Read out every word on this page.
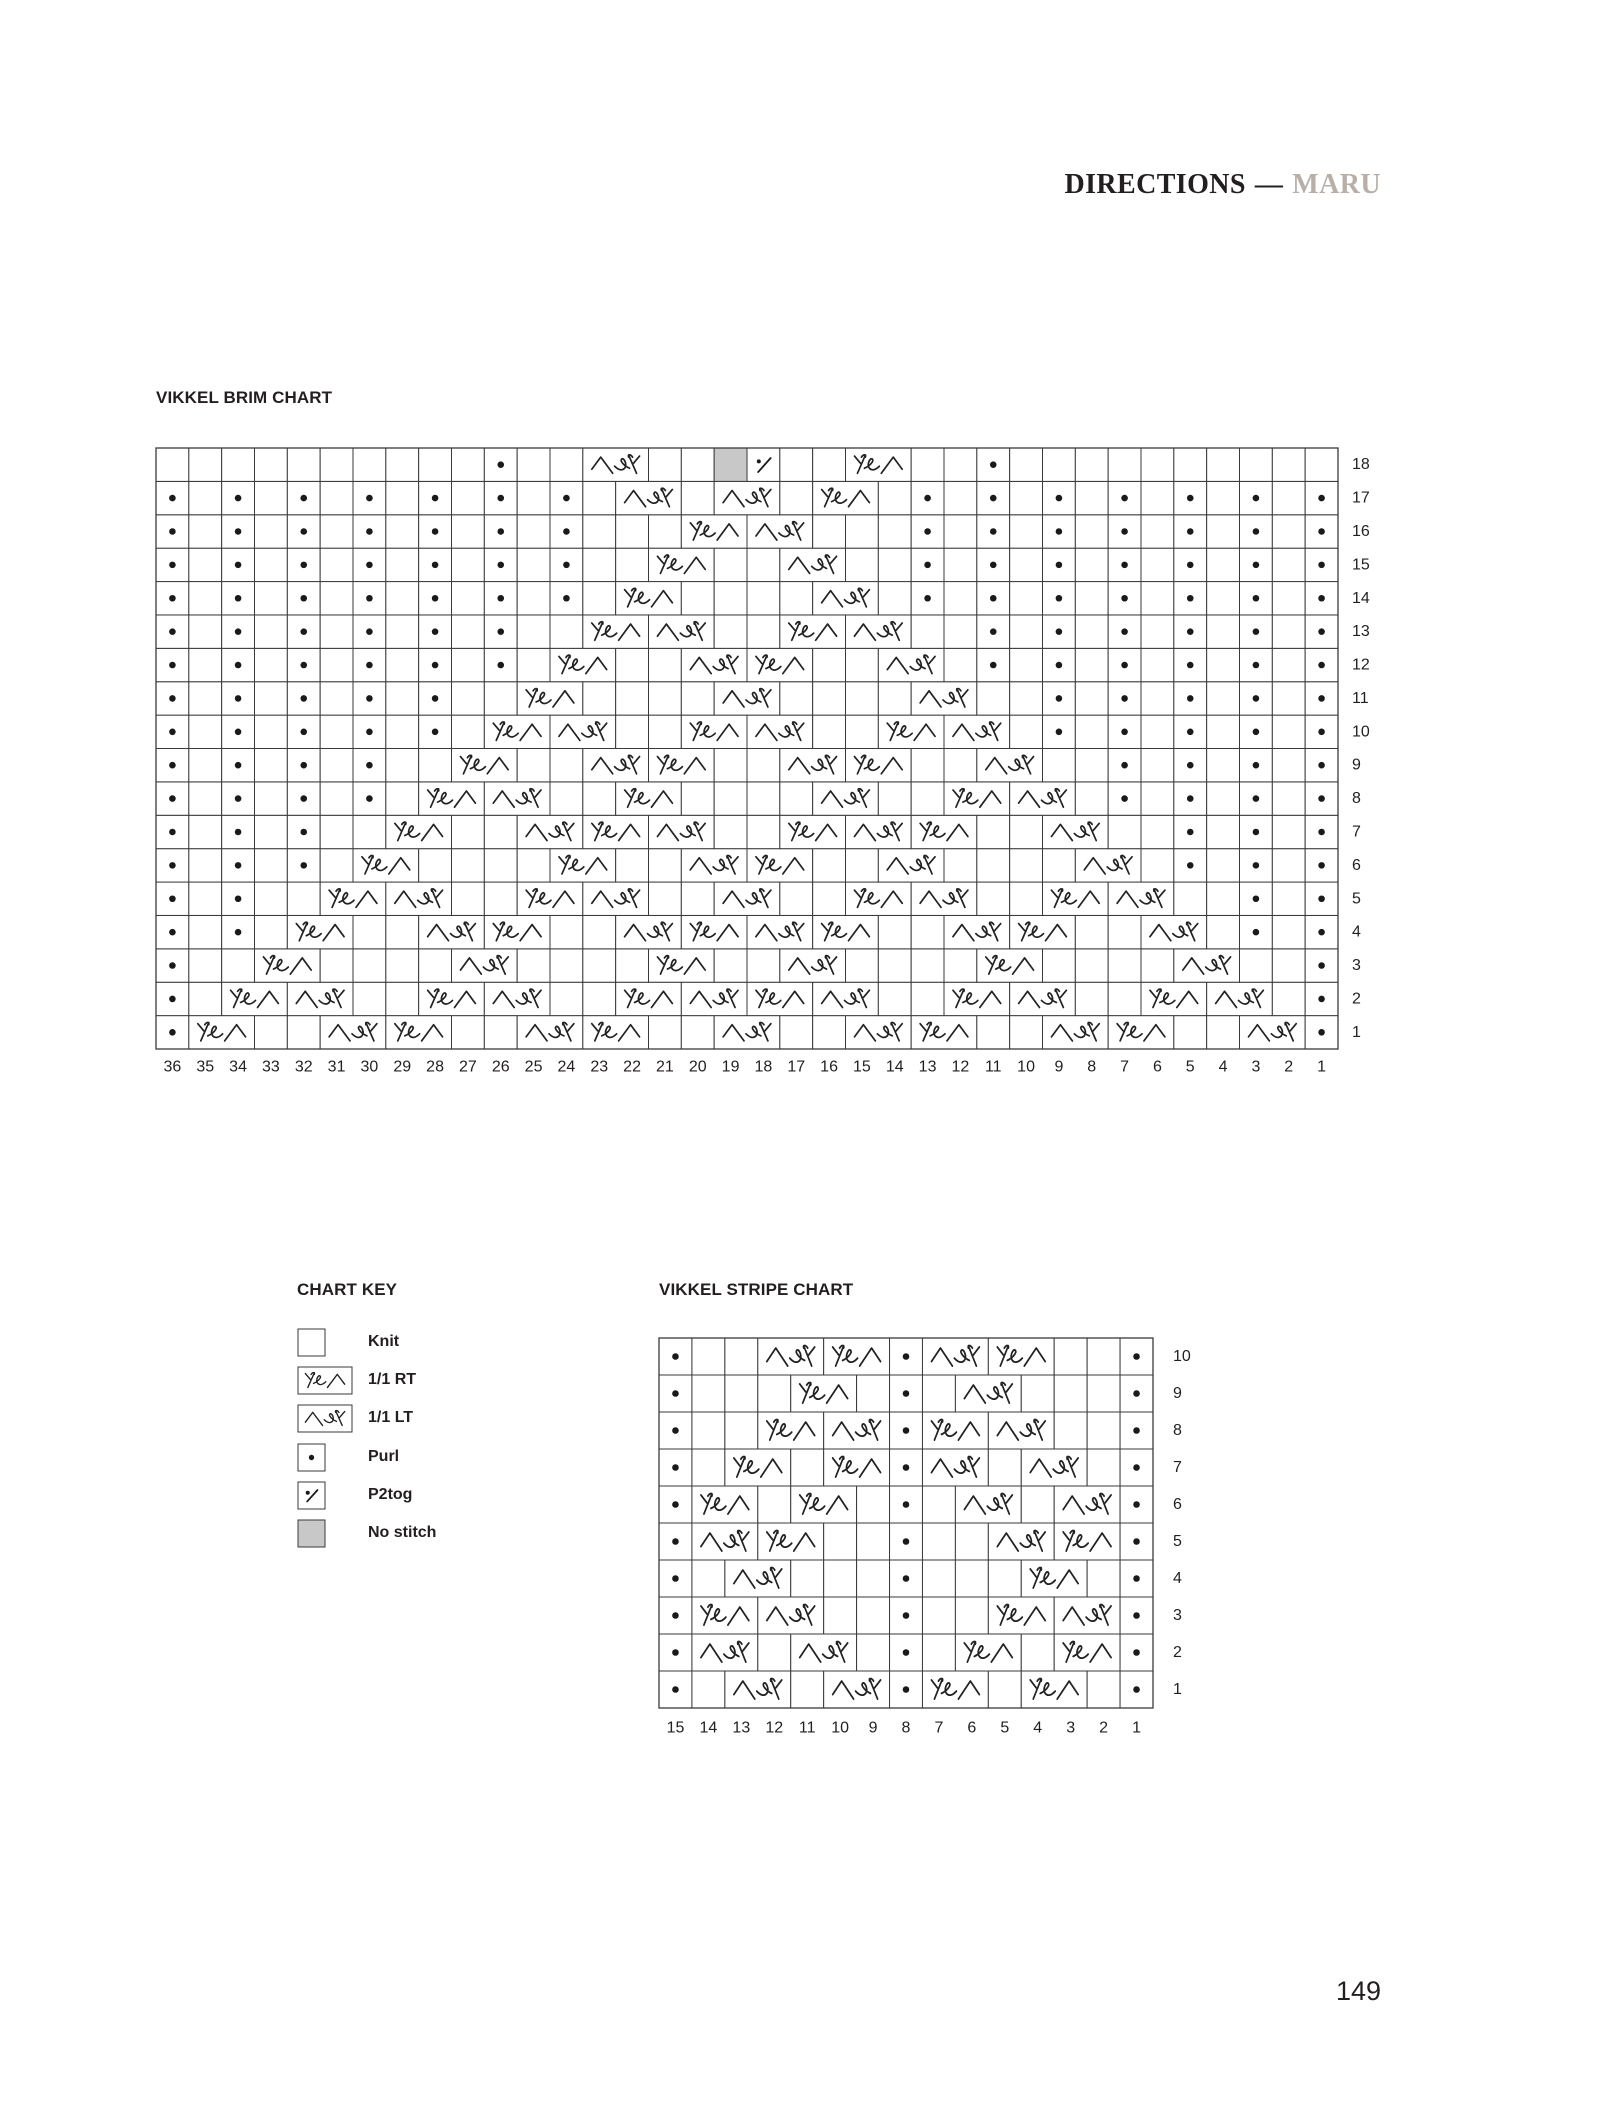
DIRECTIONS — MARU
VIKKEL BRIM CHART
1
2
3
4
5
6
7
8
9
10
11
12
13
14
15
16
17
18
36 35 34 33 32 31 30 29 28 27 26 25 24 23 22 21 20 19 18 17 16 15 14 13 12 11 10 9 8 7 6 5 4 3 2 1
CHART KEY
Knit
1/1 RT
1/1 LT
Purl
P2tog
No stitch
VIKKEL STRIPE CHART
1
2
3
4
5
6
7
8
9
10
15 14 13 12 11 10 9 8 7 6 5 4 3 2 1
149
